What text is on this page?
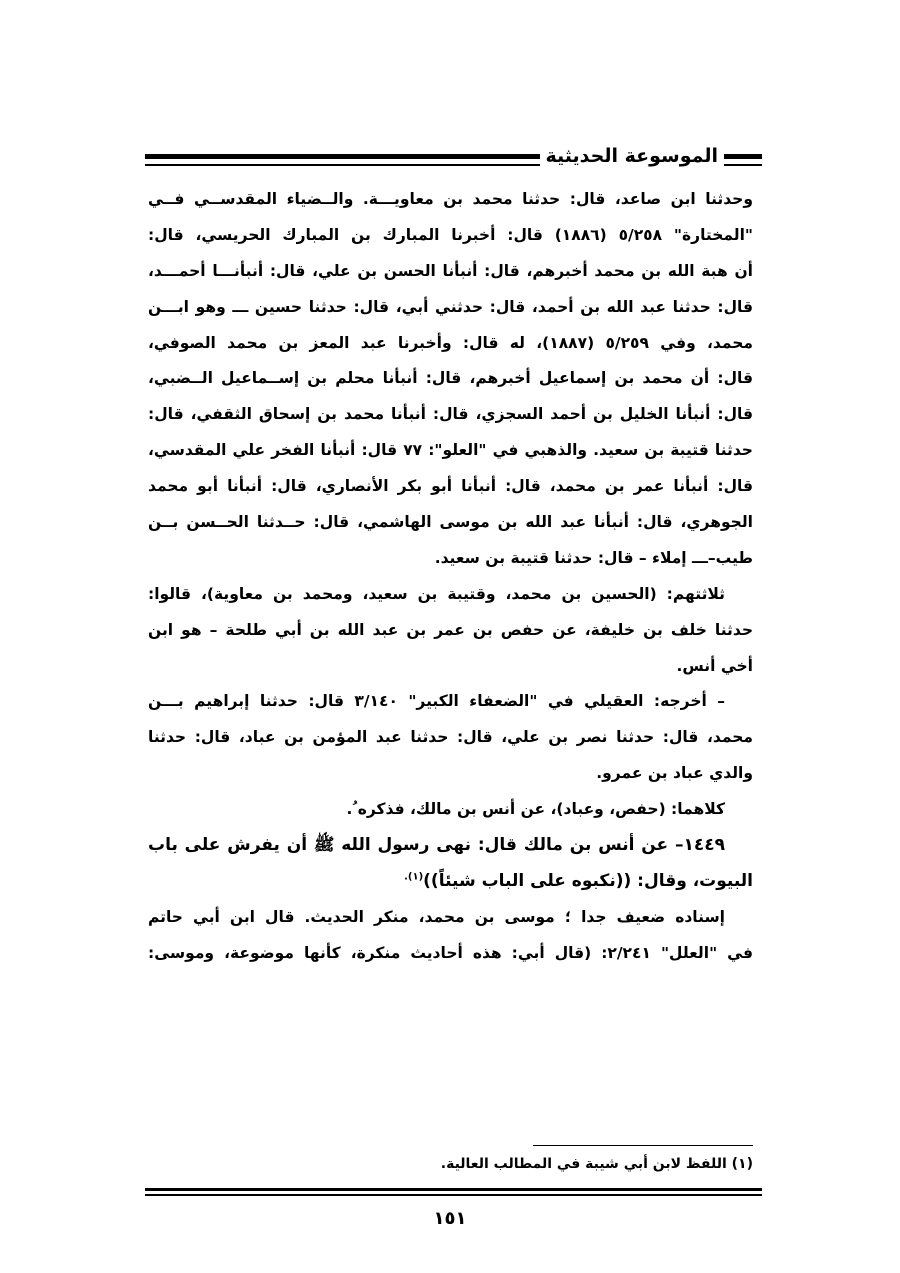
الموسوعة الحديثية
وحدثنا ابن صاعد، قال: حدثنا محمد بن معاويـــة. والــضياء المقدســي فــي
"المختارة" ٥/٢٥٨ (١٨٨٦) قال: أخبرنا المبارك بن المبارك الحريسي، قال:
أن هبة الله بن محمد أخبرهم، قال: أنبأنا الحسن بن علي، قال: أنبأنـــا أحمـــد،
قال: حدثنا عبد الله بن أحمد، قال: حدثني أبي، قال: حدثنا حسين ـــ وهو ابـــن
محمد، وفي ٥/٢٥٩ (١٨٨٧)، له قال: وأخبرنا عبد المعز بن محمد الصوفي،
قال: أن محمد بن إسماعيل أخبرهم، قال: أنبأنا محلم بن إســماعيل الــضبي،
قال: أنبأنا الخليل بن أحمد السجزي، قال: أنبأنا محمد بن إسحاق الثقفي، قال:
حدثنا قتيبة بن سعيد. والذهبي في "العلو": ٧٧ قال: أنبأنا الفخر علي المقدسي،
قال: أنبأنا عمر بن محمد، قال: أنبأنا أبو بكر الأنصاري، قال: أنبأنا أبو محمد
الجوهري، قال: أنبأنا عبد الله بن موسى الهاشمي، قال: حــدثنا الحــسن بــن
طيب–ـــ إملاء – قال: حدثنا قتيبة بن سعيد.
ثلاثتهم: (الحسين بن محمد، وقتيبة بن سعيد، ومحمد بن معاوية)، قالوا:
حدثنا خلف بن خليفة، عن حفص بن عمر بن عبد الله بن أبي طلحة – هو ابن
أخي أنس.
– أخرجه: العقيلي في "الضعفاء الكبير" ٣/١٤٠ قال: حدثنا إبراهيم بـــن
محمد، قال: حدثنا نصر بن علي، قال: حدثنا عبد المؤمن بن عباد، قال: حدثنا
والدي عباد بن عمرو.
كلاهما: (حفص، وعباد)، عن أنس بن مالك، فذكره ُ.
١٤٤٩– عن أنس بن مالك قال: نهى رسول الله ﷺ أن يفرش على باب
البيوت، وقال: ((نكبوه على الباب شيئاً))$^{(١).}$
إسناده ضعيف جدا ؛ موسى بن محمد، منكر الحديث. قال ابن أبي حاتم
في "العلل" ٢/٢٤١: (قال أبي: هذه أحاديث منكرة، كأنها موضوعة، وموسى:
(١) اللفظ لابن أبي شيبة في المطالب العالية.
١٥١
